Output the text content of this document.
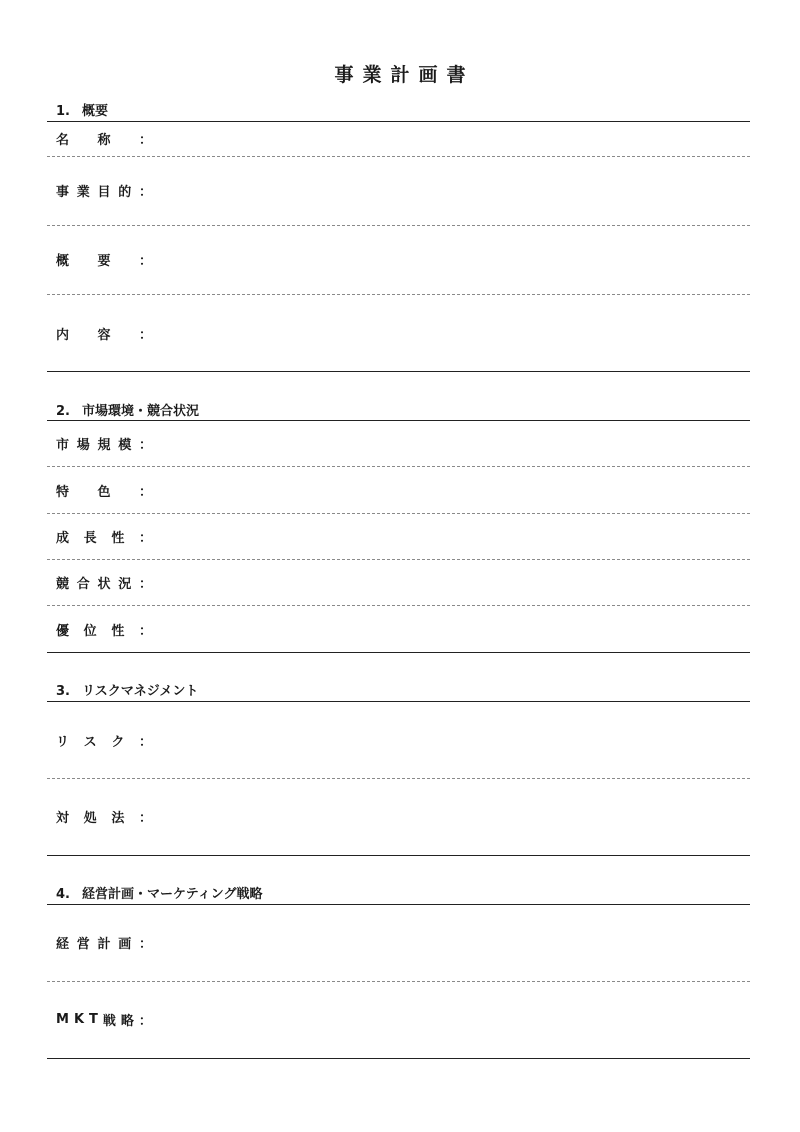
事業計画書
1. 概要
名 称 ：
事 業 目 的 ：
概 要 ：
内 容 ：
2. 市場環境・競合状況
市 場 規 模 ：
特 色 ：
成 長 性 ：
競 合 状 況 ：
優 位 性 ：
3. リスクマネジメント
リ ス ク ：
対 処 法 ：
4. 経営計画・マーケティング戦略
経 営 計 画 ：
M K T 戦 略 ：
